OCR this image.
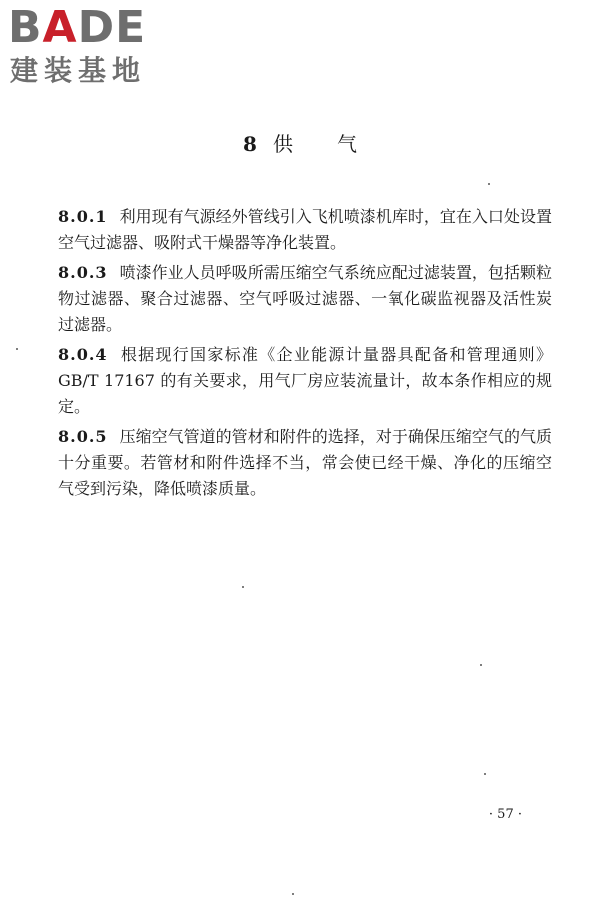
BADE
建装基地
8 供气

8.0.1 利用现有气源经外管线引入飞机喷漆机库时，宜在入口处设置空气过滤器、吸附式干燥器等净化装置。

8.0.3 喷漆作业人员呼吸所需压缩空气系统应配过滤装置，包括颗粒物过滤器、聚合过滤器、空气呼吸过滤器、一氧化碳监视器及活性炭过滤器。

8.0.4 根据现行国家标准《企业能源计量器具配备和管理通则》GB/T 17167 的有关要求，用气厂房应装流量计，故本条作相应的规定。

8.0.5 压缩空气管道的管材和附件的选择，对于确保压缩空气的气质十分重要。若管材和附件选择不当，常会使已经干燥、净化的压缩空气受到污染，降低喷漆质量。

· 57 ·
